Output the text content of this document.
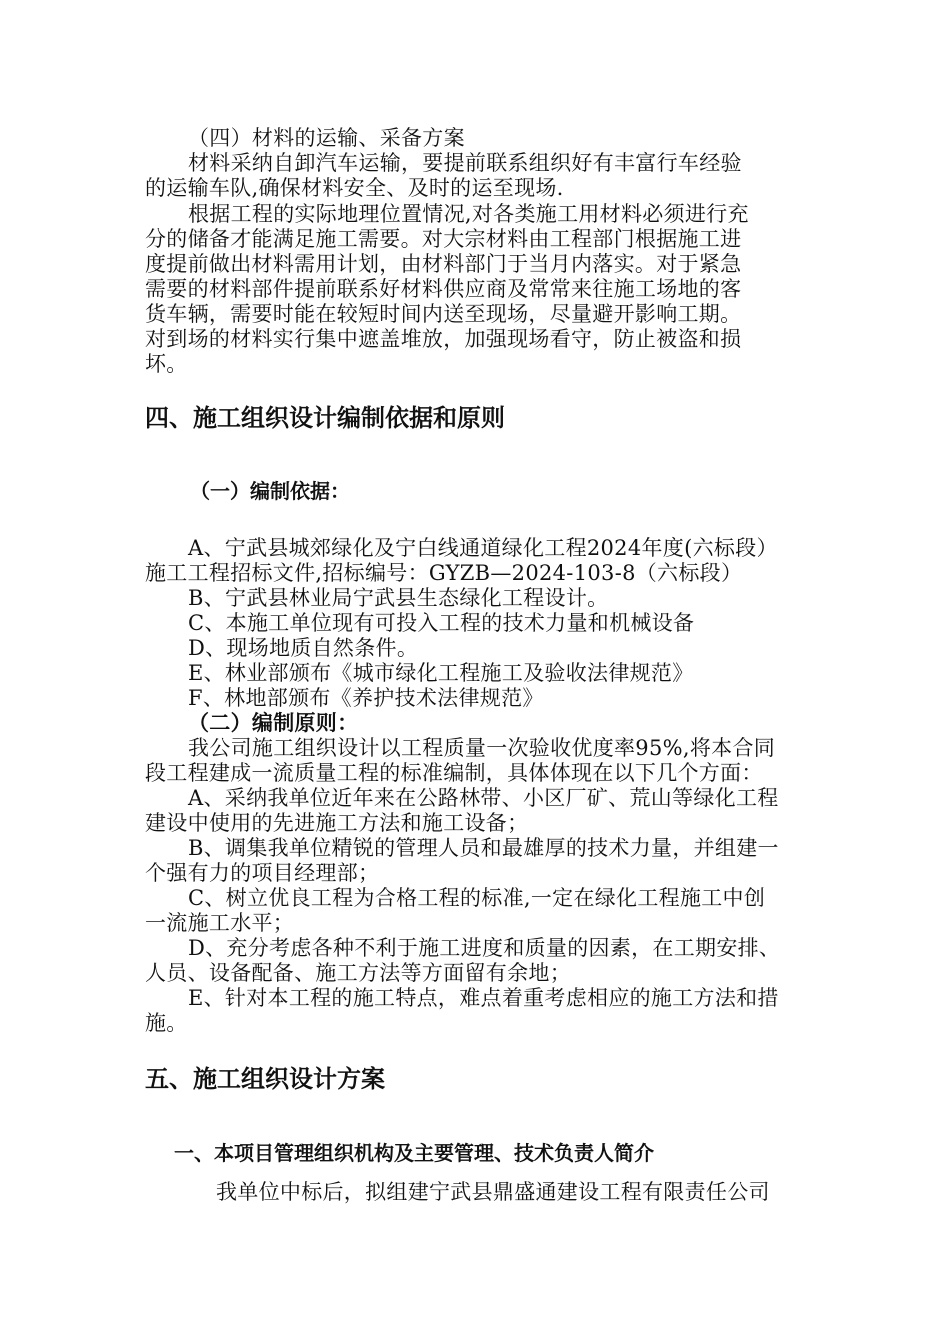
（四）材料的运输、采备方案
材料采纳自卸汽车运输，要提前联系组织好有丰富行车经验
的运输车队,确保材料安全、及时的运至现场.
根据工程的实际地理位置情况,对各类施工用材料必须进行充
分的储备才能满足施工需要。对大宗材料由工程部门根据施工进
度提前做出材料需用计划，由材料部门于当月内落实。对于紧急
需要的材料部件提前联系好材料供应商及常常来往施工场地的客
货车辆，需要时能在较短时间内送至现场，尽量避开影响工期。
对到场的材料实行集中遮盖堆放，加强现场看守，防止被盗和损
坏。
四、施工组织设计编制依据和原则
（一）编制依据：
A、宁武县城郊绿化及宁白线通道绿化工程2024年度(六标段）
施工工程招标文件,招标编号：GYZB—2024-103-8（六标段）
B、宁武县林业局宁武县生态绿化工程设计。
C、本施工单位现有可投入工程的技术力量和机械设备
D、现场地质自然条件。
E、林业部颁布《城市绿化工程施工及验收法律规范》
F、林地部颁布《养护技术法律规范》
（二）编制原则：
我公司施工组织设计以工程质量一次验收优度率95%,将本合同
段工程建成一流质量工程的标准编制，具体体现在以下几个方面：
A、采纳我单位近年来在公路林带、小区厂矿、荒山等绿化工程
建设中使用的先进施工方法和施工设备；
B、调集我单位精锐的管理人员和最雄厚的技术力量，并组建一
个强有力的项目经理部；
C、树立优良工程为合格工程的标准,一定在绿化工程施工中创
一流施工水平；
D、充分考虑各种不利于施工进度和质量的因素，在工期安排、
人员、设备配备、施工方法等方面留有余地；
E、针对本工程的施工特点，难点着重考虑相应的施工方法和措
施。
五、施工组织设计方案
一、本项目管理组织机构及主要管理、技术负责人简介
我单位中标后，拟组建宁武县鼎盛通建设工程有限责任公司
